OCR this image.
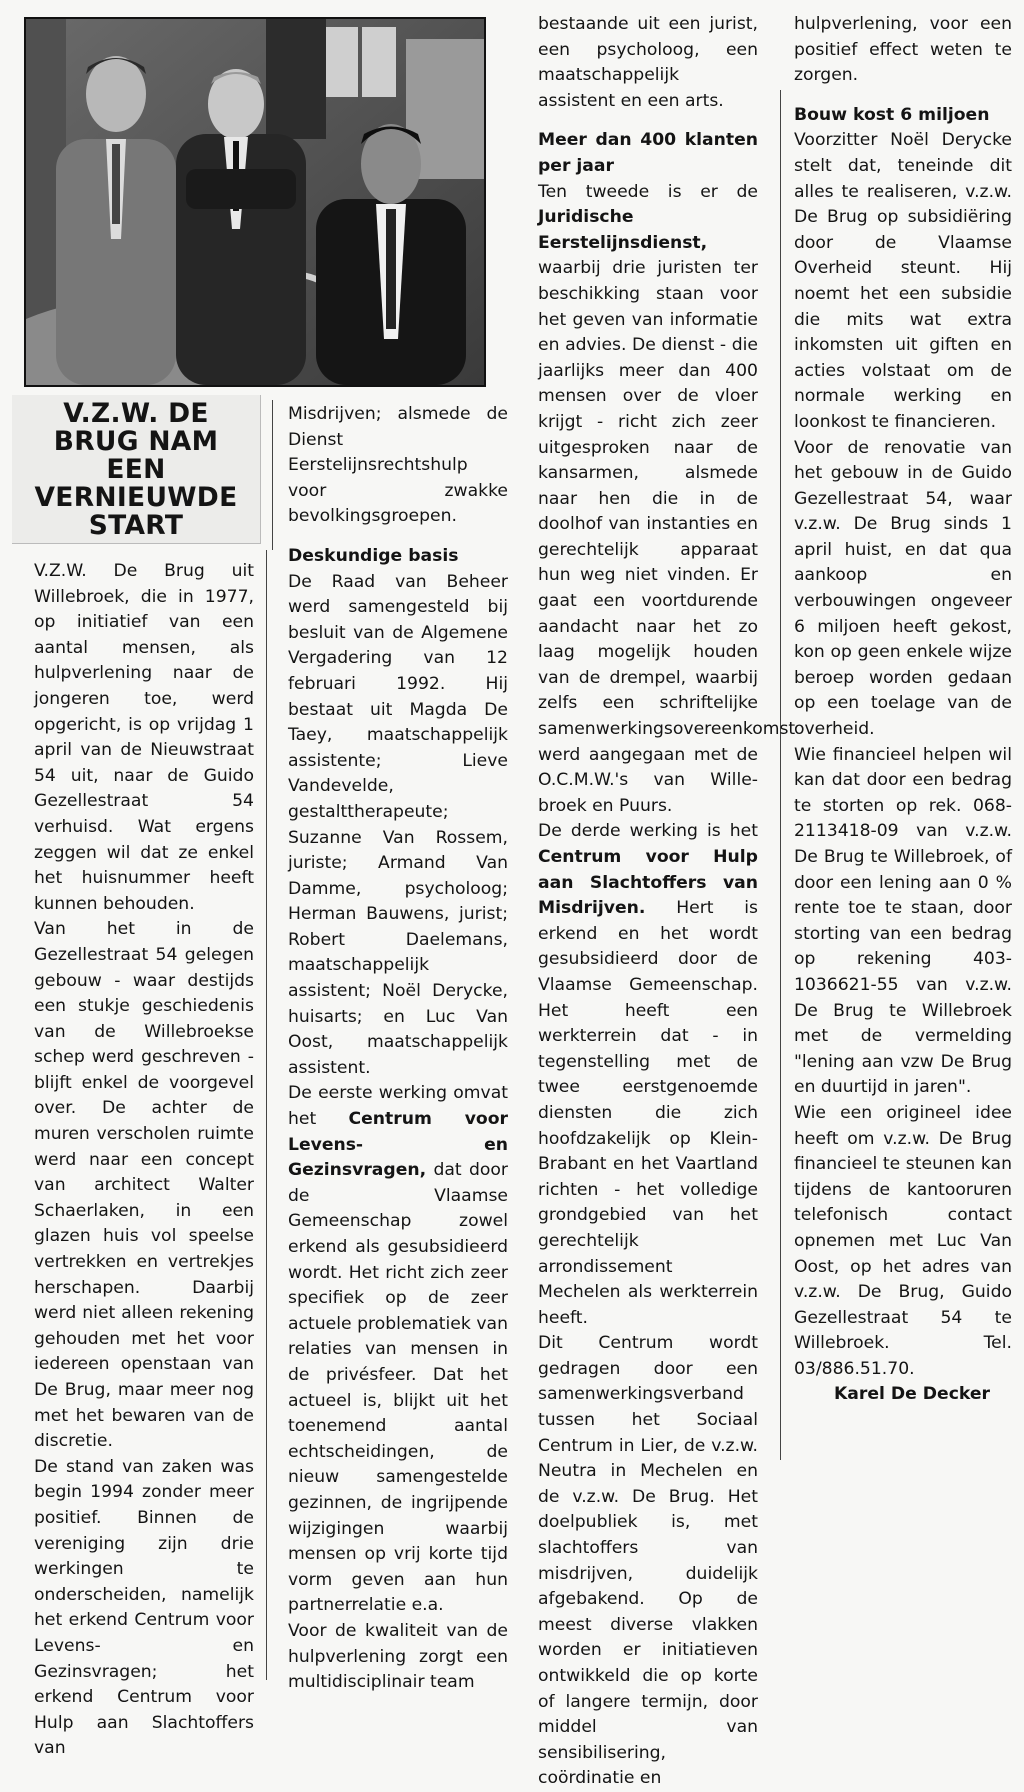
V.Z.W. DE
BRUG NAM
EEN
VERNIEUWDE
START

V.Z.W. De Brug uit Willebroek, die in 1977, op initiatief van een aantal mensen, als hulpverlening naar de jongeren toe, werd opgericht, is op vrijdag 1 april van de Nieuwstraat 54 uit, naar de Guido Gezellestraat 54 verhuisd. Wat ergens zeggen wil dat ze enkel het huisnummer heeft kunnen behouden.

Van het in de Gezellestraat 54 gelegen gebouw - waar destijds een stukje geschiedenis van de Willebroekse schep werd geschreven - blijft enkel de voorgevel over. De achter de muren verscholen ruimte werd naar een concept van architect Walter Schaerlaken, in een glazen huis vol speelse vertrekken en vertrekjes herschapen. Daarbij werd niet alleen rekening gehouden met het voor iedereen openstaan van De Brug, maar meer nog met het bewaren van de discretie.

De stand van zaken was begin 1994 zonder meer positief. Binnen de vereniging zijn drie werkingen te onderscheiden, namelijk het erkend Centrum voor Levens- en Gezinsvragen; het erkend Centrum voor Hulp aan Slachtoffers van

Misdrijven; alsmede de Dienst Eerstelijnsrechtshulp voor zwakke bevolkingsgroepen.

Deskundige basis

De Raad van Beheer werd samengesteld bij besluit van de Algemene Vergadering van 12 februari 1992. Hij bestaat uit Magda De Taey, maatschappelijk assistente; Lieve Vandevelde, gestalttherapeute; Suzanne Van Rossem, juriste; Armand Van Damme, psycholoog; Herman Bauwens, jurist; Robert Daelemans, maatschappelijk assistent; Noël Derycke, huisarts; en Luc Van Oost, maatschappelijk assistent.

De eerste werking omvat het Centrum voor Levens- en Gezinsvragen, dat door de Vlaamse Gemeenschap zowel erkend als gesubsidieerd wordt. Het richt zich zeer specifiek op de zeer actuele problematiek van relaties van mensen in de privésfeer. Dat het actueel is, blijkt uit het toenemend aantal echtscheidingen, de nieuw samengestelde gezinnen, de ingrijpende wijzigingen waarbij mensen op vrij korte tijd vorm geven aan hun partnerrelatie e.a.

Voor de kwaliteit van de hulpverlening zorgt een multidisciplinair team

bestaande uit een jurist, een psycholoog, een maatschappelijk assistent en een arts.

Meer dan 400 klanten per jaar

Ten tweede is er de Juridische Eerstelijnsdienst, waarbij drie juristen ter beschikking staan voor het geven van informatie en advies. De dienst - die jaarlijks meer dan 400 mensen over de vloer krijgt - richt zich zeer uitgesproken naar de kansarmen, alsmede naar hen die in de doolhof van instanties en gerechtelijk apparaat hun weg niet vinden. Er gaat een voortdurende aandacht naar het zo laag mogelijk houden van de drempel, waarbij zelfs een schriftelijke samenwerkingsovereenkomst werd aangegaan met de O.C.M.W.'s van Wille-broek en Puurs.

De derde werking is het Centrum voor Hulp aan Slachtoffers van Misdrijven. Hert is erkend en het wordt gesubsidieerd door de Vlaamse Gemeenschap. Het heeft een werkterrein dat - in tegenstelling met de twee eerstgenoemde diensten die zich hoofdzakelijk op Klein-Brabant en het Vaartland richten - het volledige grondgebied van het gerechtelijk arrondissement Mechelen als werkterrein heeft.

Dit Centrum wordt gedragen door een samenwerkingsverband tussen het Sociaal Centrum in Lier, de v.z.w. Neutra in Mechelen en de v.z.w. De Brug. Het doelpubliek is, met slachtoffers van misdrijven, duidelijk afgebakend. Op de meest diverse vlakken worden er initiatieven ontwikkeld die op korte of langere termijn, door middel van sensibilisering, coördinatie en

hulpverlening, voor een positief effect weten te zorgen.

Bouw kost 6 miljoen

Voorzitter Noël Derycke stelt dat, teneinde dit alles te realiseren, v.z.w. De Brug op subsidiëring door de Vlaamse Overheid steunt. Hij noemt het een subsidie die mits wat extra inkomsten uit giften en acties volstaat om de normale werking en loonkost te financieren.

Voor de renovatie van het gebouw in de Guido Gezellestraat 54, waar v.z.w. De Brug sinds 1 april huist, en dat qua aankoop en verbouwingen ongeveer 6 miljoen heeft gekost, kon op geen enkele wijze beroep worden gedaan op een toelage van de overheid.

Wie financieel helpen wil kan dat door een bedrag te storten op rek. 068-2113418-09 van v.z.w. De Brug te Willebroek, of door een lening aan 0 % rente toe te staan, door storting van een bedrag op rekening 403-1036621-55 van v.z.w. De Brug te Willebroek met de vermelding "lening aan vzw De Brug en duurtijd in jaren".

Wie een origineel idee heeft om v.z.w. De Brug financieel te steunen kan tijdens de kantooruren telefonisch contact opnemen met Luc Van Oost, op het adres van v.z.w. De Brug, Guido Gezellestraat 54 te Willebroek. Tel. 03/886.51.70.

Karel De Decker
